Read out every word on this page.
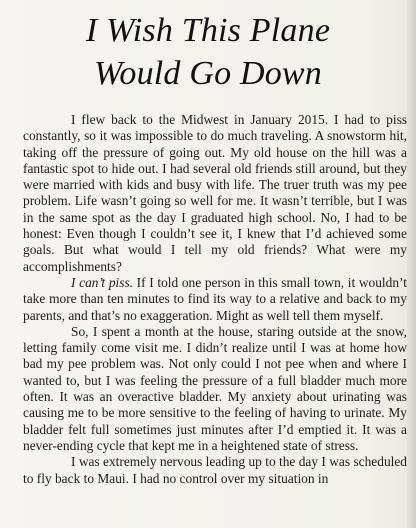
I Wish This Plane
Would Go Down

I flew back to the Midwest in January 2015. I had to piss constantly, so it was impossible to do much traveling. A snowstorm hit, taking off the pressure of going out. My old house on the hill was a fantastic spot to hide out. I had several old friends still around, but they were married with kids and busy with life. The truer truth was my pee problem. Life wasn’t going so well for me. It wasn’t terrible, but I was in the same spot as the day I graduated high school. No, I had to be honest: Even though I couldn’t see it, I knew that I’d achieved some goals. But what would I tell my old friends? What were my accomplishments?

I can’t piss. If I told one person in this small town, it wouldn’t take more than ten minutes to find its way to a relative and back to my parents, and that’s no exaggeration. Might as well tell them myself.

So, I spent a month at the house, staring outside at the snow, letting family come visit me. I didn’t realize until I was at home how bad my pee problem was. Not only could I not pee when and where I wanted to, but I was feeling the pressure of a full bladder much more often. It was an overactive bladder. My anxiety about urinating was causing me to be more sensitive to the feeling of having to urinate. My bladder felt full sometimes just minutes after I’d emptied it. It was a never-ending cycle that kept me in a heightened state of stress.

I was extremely nervous leading up to the day I was scheduled to fly back to Maui. I had no control over my situation in
